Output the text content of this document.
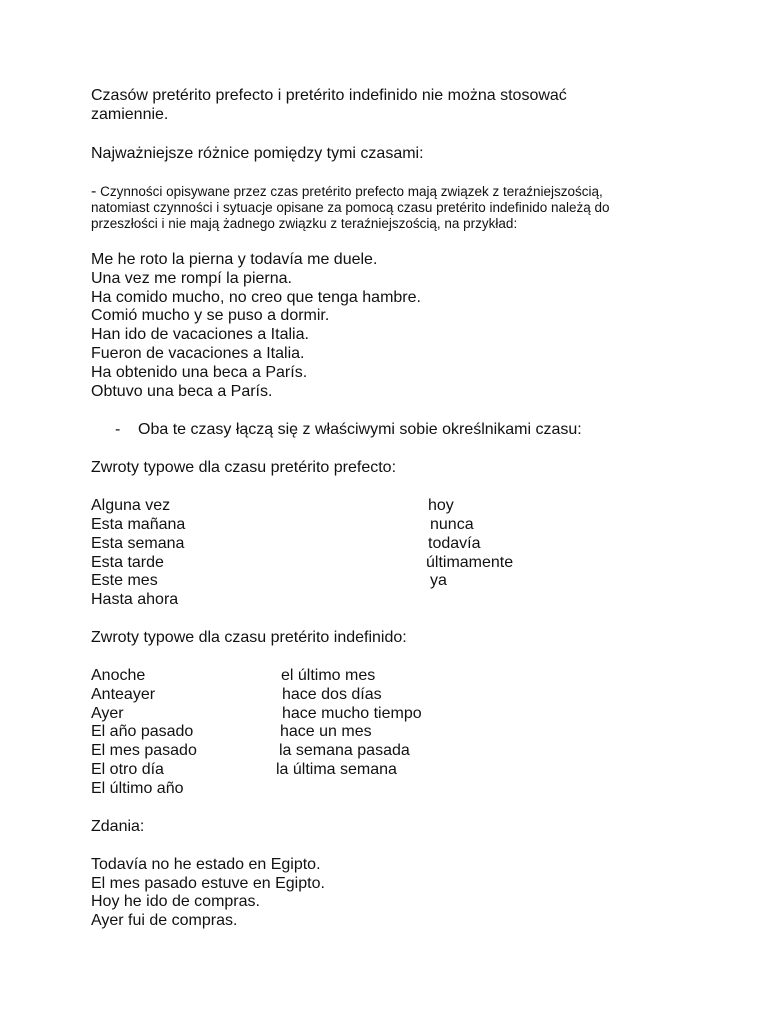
Czasów pretérito prefecto i pretérito indefinido nie można stosować
zamiennie.
Najważniejsze różnice pomiędzy tymi czasami:
- Czynności opisywane przez czas pretérito prefecto mają związek z teraźniejszością,
natomiast czynności i sytuacje opisane za pomocą czasu pretérito indefinido należą do
przeszłości i nie mają żadnego związku z teraźniejszością, na przykład:
Me he roto la pierna y todavía me duele.
Una vez me rompí la pierna.
Ha comido mucho, no creo que tenga hambre.
Comió mucho y se puso a dormir.
Han ido de vacaciones a Italia.
Fueron de vacaciones a Italia.
Ha obtenido una beca a París.
Obtuvo una beca a París.
- Oba te czasy łączą się z właściwymi sobie określnikami czasu:
Zwroty typowe dla czasu pretérito prefecto:
Alguna vez
Esta mañana
Esta semana
Esta tarde
Este mes
Hasta ahora
hoy
nunca
todavía
últimamente
ya
Zwroty typowe dla czasu pretérito indefinido:
Anoche
Anteayer
Ayer
El año pasado
El mes pasado
El otro día
El último año
el último mes
hace dos días
hace mucho tiempo
hace un mes
la semana pasada
la última semana
Zdania:
Todavía no he estado en Egipto.
El mes pasado estuve en Egipto.
Hoy he ido de compras.
Ayer fui de compras.
